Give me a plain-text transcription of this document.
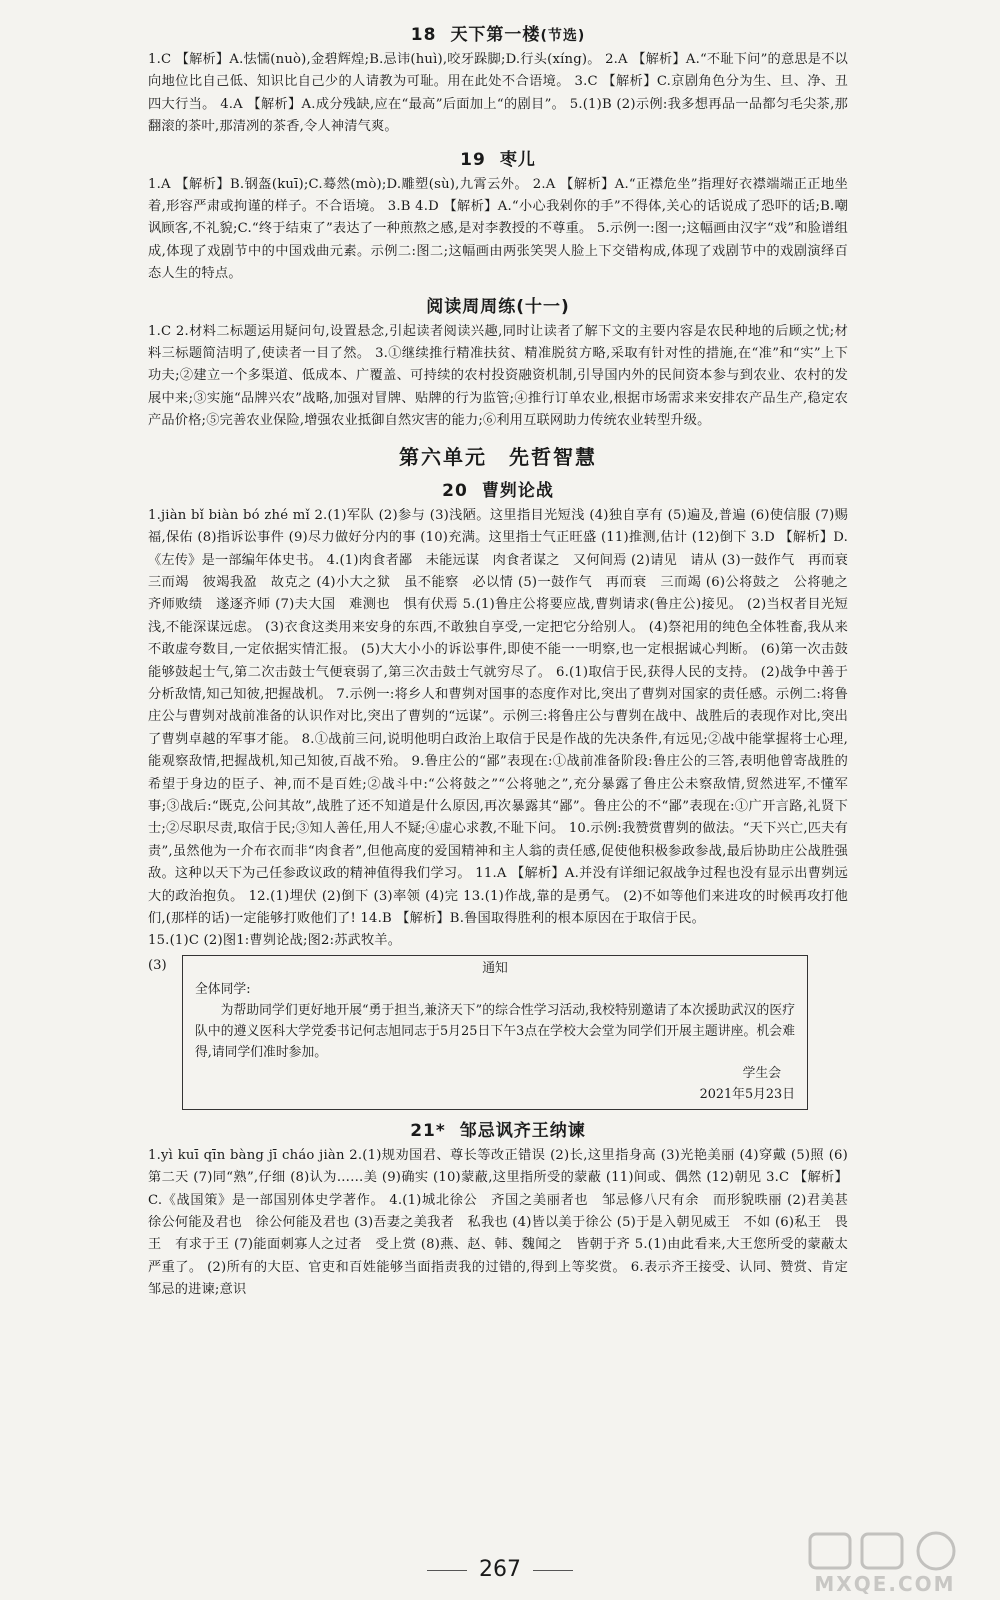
18 天下第一楼(节选)

1.C 【解析】A.怯懦(nuò),金碧辉煌;B.忌讳(huì),咬牙跺脚;D.行头(xíng)。 2.A 【解析】A.“不耻下问”的意思是不以向地位比自己低、知识比自己少的人请教为可耻。用在此处不合语境。 3.C 【解析】C.京剧角色分为生、旦、净、丑四大行当。 4.A 【解析】A.成分残缺,应在“最高”后面加上“的剧目”。 5.(1)B (2)示例:我多想再品一品都匀毛尖茶,那翻滚的茶叶,那清冽的茶香,令人神清气爽。

19 枣儿

1.A 【解析】B.钢盔(kuī);C.蓦然(mò);D.雕塑(sù),九霄云外。 2.A 【解析】A.“正襟危坐”指理好衣襟端端正正地坐着,形容严肃或拘谨的样子。不合语境。 3.B 4.D 【解析】A.“小心我剁你的手”不得体,关心的话说成了恐吓的话;B.嘲讽顾客,不礼貌;C.“终于结束了”表达了一种煎熬之感,是对李教授的不尊重。 5.示例一:图一;这幅画由汉字“戏”和脸谱组成,体现了戏剧节中的中国戏曲元素。示例二:图二;这幅画由两张笑哭人脸上下交错构成,体现了戏剧节中的戏剧演绎百态人生的特点。

阅读周周练(十一)

1.C 2.材料二标题运用疑问句,设置悬念,引起读者阅读兴趣,同时让读者了解下文的主要内容是农民种地的后顾之忧;材料三标题简洁明了,使读者一目了然。 3.①继续推行精准扶贫、精准脱贫方略,采取有针对性的措施,在“准”和“实”上下功夫;②建立一个多渠道、低成本、广覆盖、可持续的农村投资融资机制,引导国内外的民间资本参与到农业、农村的发展中来;③实施“品牌兴农”战略,加强对冒牌、贴牌的行为监管;④推行订单农业,根据市场需求来安排农产品生产,稳定农产品价格;⑤完善农业保险,增强农业抵御自然灾害的能力;⑥利用互联网助力传统农业转型升级。

第六单元　先哲智慧
20 曹刿论战

1.jiàn bǐ biàn bó zhé mǐ 2.(1)军队 (2)参与 (3)浅陋。这里指目光短浅 (4)独自享有 (5)遍及,普遍 (6)使信服 (7)赐福,保佑 (8)指诉讼事件 (9)尽力做好分内的事 (10)充满。这里指士气正旺盛 (11)推测,估计 (12)倒下 3.D 【解析】D.《左传》是一部编年体史书。 4.(1)肉食者鄙　未能远谋　肉食者谋之　又何间焉 (2)请见　请从 (3)一鼓作气　再而衰　三而竭　彼竭我盈　故克之 (4)小大之狱　虽不能察　必以情 (5)一鼓作气　再而衰　三而竭 (6)公将鼓之　公将驰之　齐师败绩　遂逐齐师 (7)夫大国　难测也　惧有伏焉 5.(1)鲁庄公将要应战,曹刿请求(鲁庄公)接见。 (2)当权者目光短浅,不能深谋远虑。 (3)衣食这类用来安身的东西,不敢独自享受,一定把它分给别人。 (4)祭祀用的纯色全体牲畜,我从来不敢虚夸数目,一定依据实情汇报。 (5)大大小小的诉讼事件,即使不能一一明察,也一定根据诚心判断。 (6)第一次击鼓能够鼓起士气,第二次击鼓士气便衰弱了,第三次击鼓士气就穷尽了。 6.(1)取信于民,获得人民的支持。 (2)战争中善于分析敌情,知己知彼,把握战机。 7.示例一:将乡人和曹刿对国事的态度作对比,突出了曹刿对国家的责任感。示例二:将鲁庄公与曹刿对战前准备的认识作对比,突出了曹刿的“远谋”。示例三:将鲁庄公与曹刿在战中、战胜后的表现作对比,突出了曹刿卓越的军事才能。 8.①战前三问,说明他明白政治上取信于民是作战的先决条件,有远见;②战中能掌握将士心理,能观察敌情,把握战机,知己知彼,百战不殆。 9.鲁庄公的“鄙”表现在:①战前准备阶段:鲁庄公的三答,表明他曾寄战胜的希望于身边的臣子、神,而不是百姓;②战斗中:“公将鼓之”“公将驰之”,充分暴露了鲁庄公未察敌情,贸然进军,不懂军事;③战后:“既克,公问其故”,战胜了还不知道是什么原因,再次暴露其“鄙”。鲁庄公的不“鄙”表现在:①广开言路,礼贤下士;②尽职尽责,取信于民;③知人善任,用人不疑;④虚心求教,不耻下问。 10.示例:我赞赏曹刿的做法。“天下兴亡,匹夫有责”,虽然他为一介布衣而非“肉食者”,但他高度的爱国精神和主人翁的责任感,促使他积极参政参战,最后协助庄公战胜强敌。这种以天下为己任参政议政的精神值得我们学习。 11.A 【解析】A.并没有详细记叙战争过程也没有显示出曹刿远大的政治抱负。 12.(1)埋伏 (2)倒下 (3)率领 (4)完 13.(1)作战,靠的是勇气。 (2)不如等他们来进攻的时候再攻打他们,(那样的话)一定能够打败他们了! 14.B 【解析】B.鲁国取得胜利的根本原因在于取信于民。

15.(1)C (2)图1:曹刿论战;图2:苏武牧羊。

(3)	通知
全体同学:
为帮助同学们更好地开展“勇于担当,兼济天下”的综合性学习活动,我校特别邀请了本次援助武汉的医疗队中的遵义医科大学党委书记何志旭同志于5月25日下午3点在学校大会堂为同学们开展主题讲座。机会难得,请同学们准时参加。
学生会
2021年5月23日
21* 邹忌讽齐王纳谏

1.yì kuī qīn bàng jī cháo jiàn 2.(1)规劝国君、尊长等改正错误 (2)长,这里指身高 (3)光艳美丽 (4)穿戴 (5)照 (6)第二天 (7)同“熟”,仔细 (8)认为……美 (9)确实 (10)蒙蔽,这里指所受的蒙蔽 (11)间或、偶然 (12)朝见 3.C 【解析】C.《战国策》是一部国别体史学著作。 4.(1)城北徐公　齐国之美丽者也　邹忌修八尺有余　而形貌昳丽 (2)君美甚　徐公何能及君也　徐公何能及君也 (3)吾妻之美我者　私我也 (4)皆以美于徐公 (5)于是入朝见威王　不如 (6)私王　畏王　有求于王 (7)能面刺寡人之过者　受上赏 (8)燕、赵、韩、魏闻之　皆朝于齐 5.(1)由此看来,大王您所受的蒙蔽太严重了。 (2)所有的大臣、官吏和百姓能够当面指责我的过错的,得到上等奖赏。 6.表示齐王接受、认同、赞赏、肯定邹忌的进谏;意识

267
MXQE.COM
